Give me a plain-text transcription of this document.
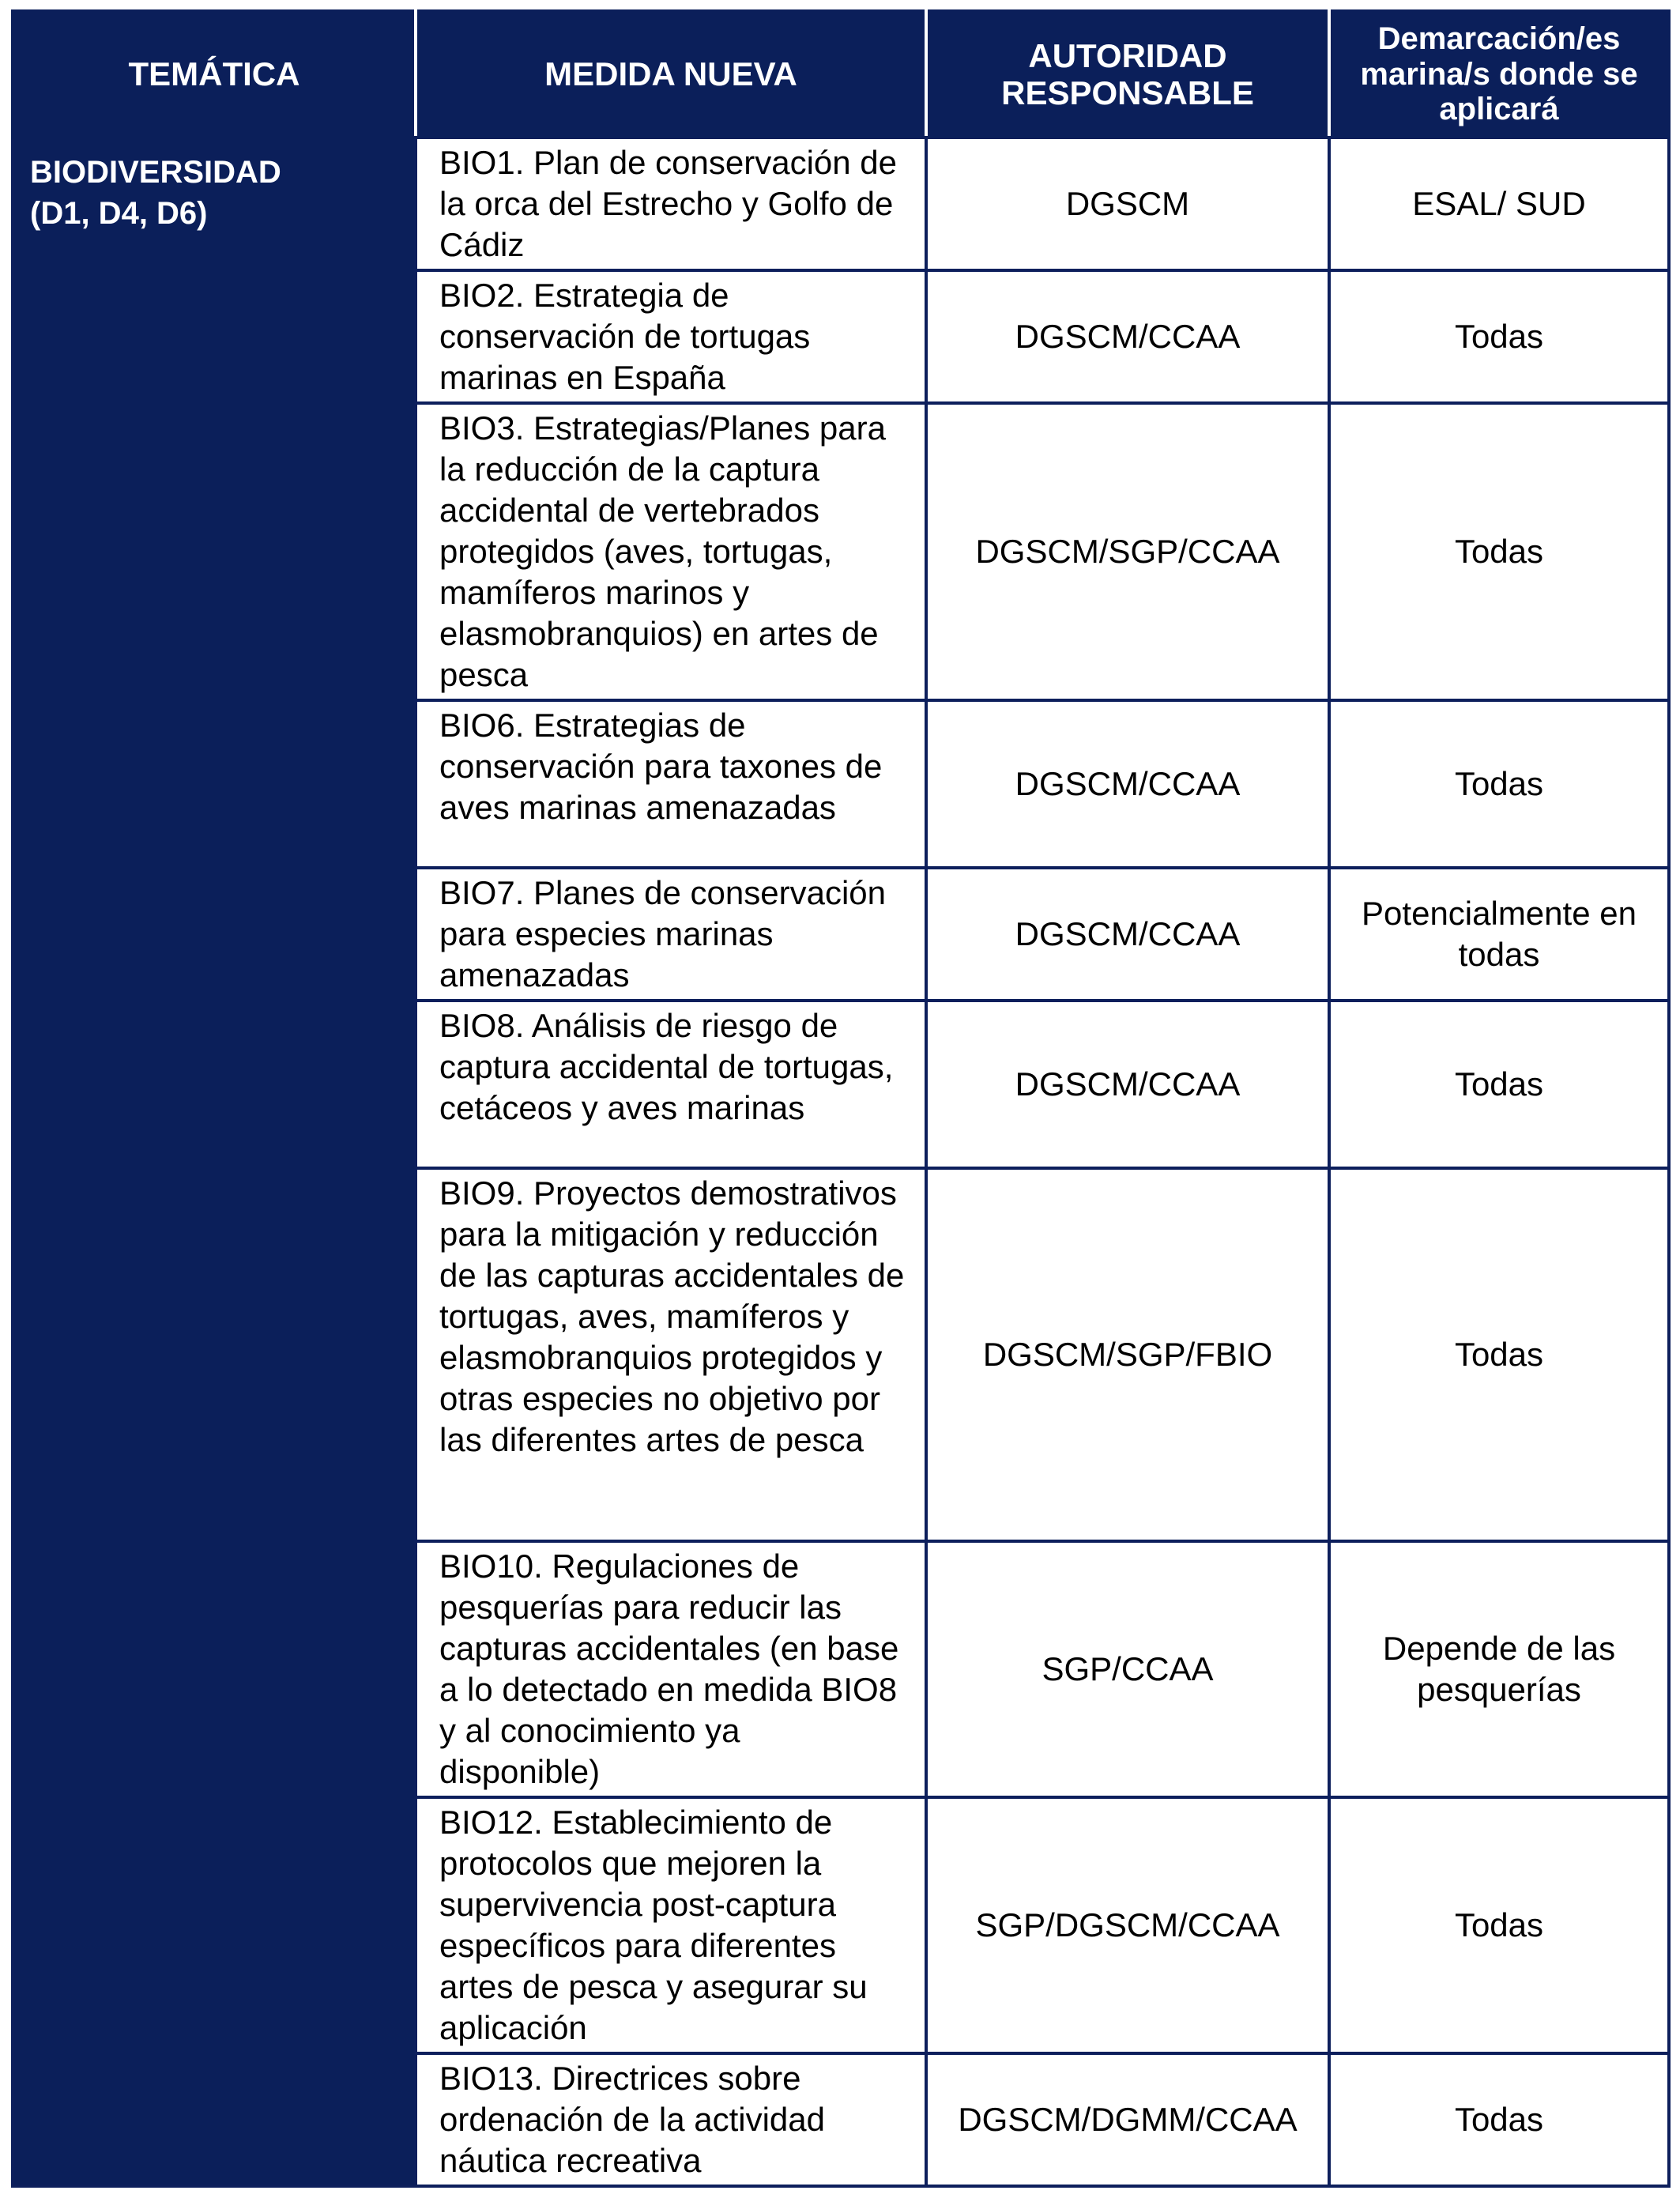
TEMÁTICA	MEDIDA NUEVA	AUTORIDAD RESPONSABLE	Demarcación/es marina/s donde se aplicará

BIODIVERSIDAD
(D1, D4, D6)	BIO1. Plan de conservación de la orca del Estrecho y Golfo de Cádiz	DGSCM	ESAL/ SUD
	BIO2. Estrategia de conservación de tortugas marinas en España	DGSCM/CCAA	Todas
	BIO3. Estrategias/Planes para la reducción de la captura accidental de vertebrados protegidos (aves, tortugas, mamíferos marinos y elasmobranquios) en artes de pesca	DGSCM/SGP/CCAA	Todas
	BIO6. Estrategias de conservación para taxones de aves marinas amenazadas	DGSCM/CCAA	Todas
	BIO7. Planes de conservación para especies marinas amenazadas	DGSCM/CCAA	Potencialmente en todas
	BIO8. Análisis de riesgo de captura accidental de tortugas, cetáceos y aves marinas	DGSCM/CCAA	Todas
	BIO9. Proyectos demostrativos para la mitigación y reducción de las capturas accidentales de tortugas, aves, mamíferos y elasmobranquios protegidos y otras especies no objetivo por las diferentes artes de pesca	DGSCM/SGP/FBIO	Todas
	BIO10. Regulaciones de pesquerías para reducir las capturas accidentales (en base a lo detectado en medida BIO8 y al conocimiento ya disponible)	SGP/CCAA	Depende de las pesquerías
	BIO12. Establecimiento de protocolos que mejoren la supervivencia post-captura específicos para diferentes artes de pesca y asegurar su aplicación	SGP/DGSCM/CCAA	Todas
	BIO13. Directrices sobre ordenación de la actividad náutica recreativa	DGSCM/DGMM/CCAA	Todas
